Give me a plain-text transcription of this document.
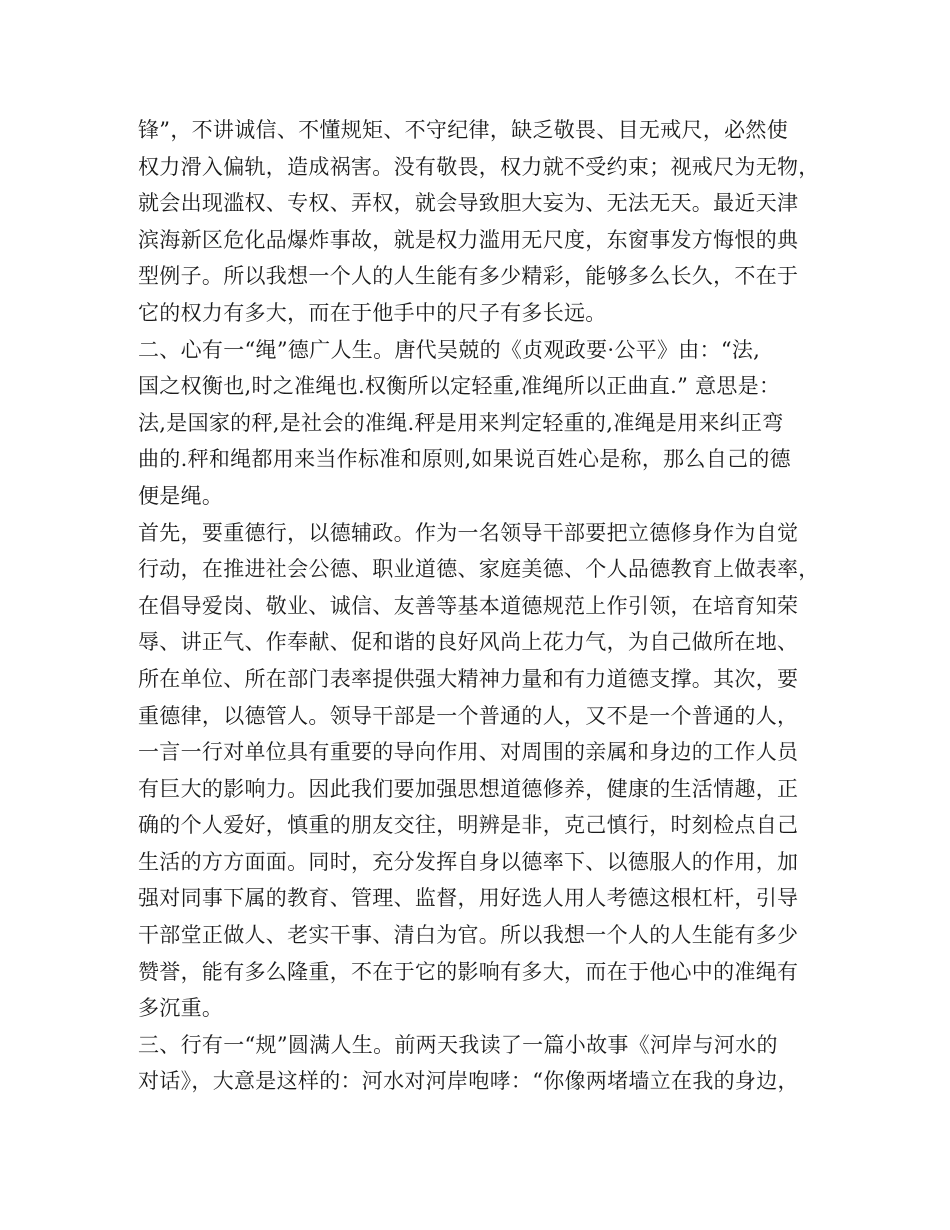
锋”，不讲诚信、不懂规矩、不守纪律，缺乏敬畏、目无戒尺，必然使
权力滑入偏轨，造成祸害。没有敬畏，权力就不受约束；视戒尺为无物，
就会出现滥权、专权、弄权，就会导致胆大妄为、无法无天。最近天津
滨海新区危化品爆炸事故，就是权力滥用无尺度，东窗事发方悔恨的典
型例子。所以我想一个人的人生能有多少精彩，能够多么长久，不在于
它的权力有多大，而在于他手中的尺子有多长远。
二、心有一“绳”德广人生。唐代吴兢的《贞观政要·公平》由：“法,
国之权衡也,时之准绳也.权衡所以定轻重,准绳所以正曲直.” 意思是：
法,是国家的秤,是社会的准绳.秤是用来判定轻重的,准绳是用来纠正弯
曲的.秤和绳都用来当作标准和原则,如果说百姓心是称，那么自己的德
便是绳。
首先，要重德行，以德辅政。作为一名领导干部要把立德修身作为自觉
行动，在推进社会公德、职业道德、家庭美德、个人品德教育上做表率，
在倡导爱岗、敬业、诚信、友善等基本道德规范上作引领，在培育知荣
辱、讲正气、作奉献、促和谐的良好风尚上花力气，为自己做所在地、
所在单位、所在部门表率提供强大精神力量和有力道德支撑。其次，要
重德律，以德管人。领导干部是一个普通的人，又不是一个普通的人，
一言一行对单位具有重要的导向作用、对周围的亲属和身边的工作人员
有巨大的影响力。因此我们要加强思想道德修养，健康的生活情趣，正
确的个人爱好，慎重的朋友交往，明辨是非，克己慎行，时刻检点自己
生活的方方面面。同时，充分发挥自身以德率下、以德服人的作用，加
强对同事下属的教育、管理、监督，用好选人用人考德这根杠杆，引导
干部堂正做人、老实干事、清白为官。所以我想一个人的人生能有多少
赞誉，能有多么隆重，不在于它的影响有多大，而在于他心中的准绳有
多沉重。
三、行有一“规”圆满人生。前两天我读了一篇小故事《河岸与河水的
对话》，大意是这样的：河水对河岸咆哮：“你像两堵墙立在我的身边，
